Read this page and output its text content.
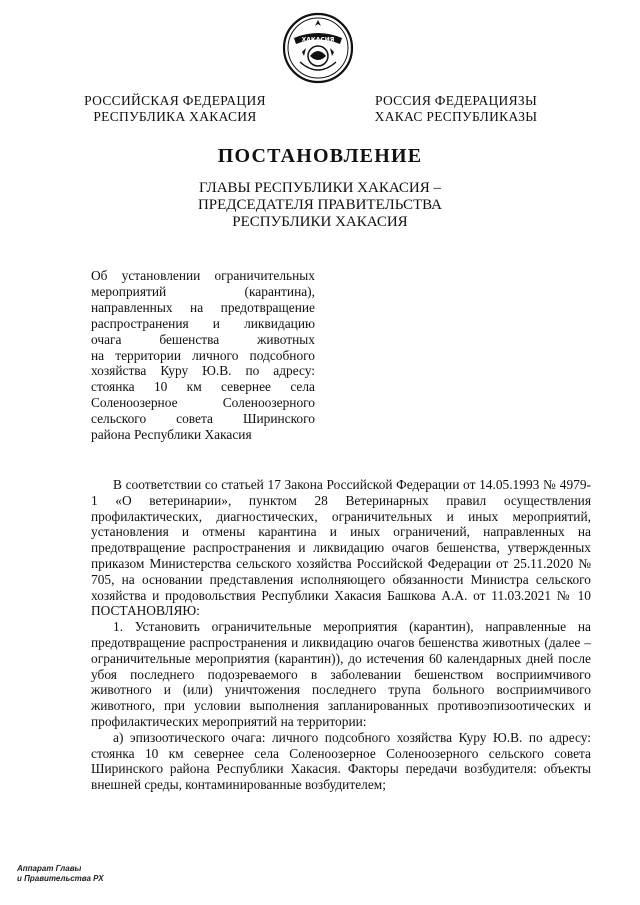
ХАКАСИЯ
РОССИЙСКАЯ ФЕДЕРАЦИЯ
РЕСПУБЛИКА ХАКАСИЯ
РОССИЯ ФЕДЕРАЦИЯЗЫ
ХАКАС РЕСПУБЛИКАЗЫ
ПОСТАНОВЛЕНИЕ
ГЛАВЫ РЕСПУБЛИКИ ХАКАСИЯ –
ПРЕДСЕДАТЕЛЯ ПРАВИТЕЛЬСТВА
РЕСПУБЛИКИ ХАКАСИЯ
Об установлении ограничительных
мероприятий (карантина),
направленных на предотвращение
распространения и ликвидацию
очага бешенства животных
на территории личного подсобного
хозяйства Куру Ю.В. по адресу:
стоянка 10 км севернее села
Соленоозерное Соленоозерного
сельского совета Ширинского
района Республики Хакасия

В соответствии со статьей 17 Закона Российской Федерации от 14.05.1993 № 4979-1 «О ветеринарии», пунктом 28 Ветеринарных правил осуществления профилактических, диагностических, ограничительных и иных мероприятий, установления и отмены карантина и иных ограничений, направленных на предотвращение распространения и ликвидацию очагов бешенства, утвержденных приказом Министерства сельского хозяйства Российской Федерации от 25.11.2020 № 705, на основании представления исполняющего обязанности Министра сельского хозяйства и продовольствия Республики Хакасия Башкова А.А. от 11.03.2021 № 10 ПОСТАНОВЛЯЮ:

1. Установить ограничительные мероприятия (карантин), направленные на предотвращение распространения и ликвидацию очагов бешенства животных (далее – ограничительные мероприятия (карантин)), до истечения 60 календарных дней после убоя последнего подозреваемого в заболевании бешенством восприимчивого животного и (или) уничтожения последнего трупа больного восприимчивого животного, при условии выполнения запланированных противоэпизоотических и профилактических мероприятий на территории:

а) эпизоотического очага: личного подсобного хозяйства Куру Ю.В. по адресу: стоянка 10 км севернее села Соленоозерное Соленоозерного сельского совета Ширинского района Республики Хакасия. Факторы передачи возбудителя: объекты внешней среды, контаминированные возбудителем;

Аппарат Главы
и Правительства РХ
